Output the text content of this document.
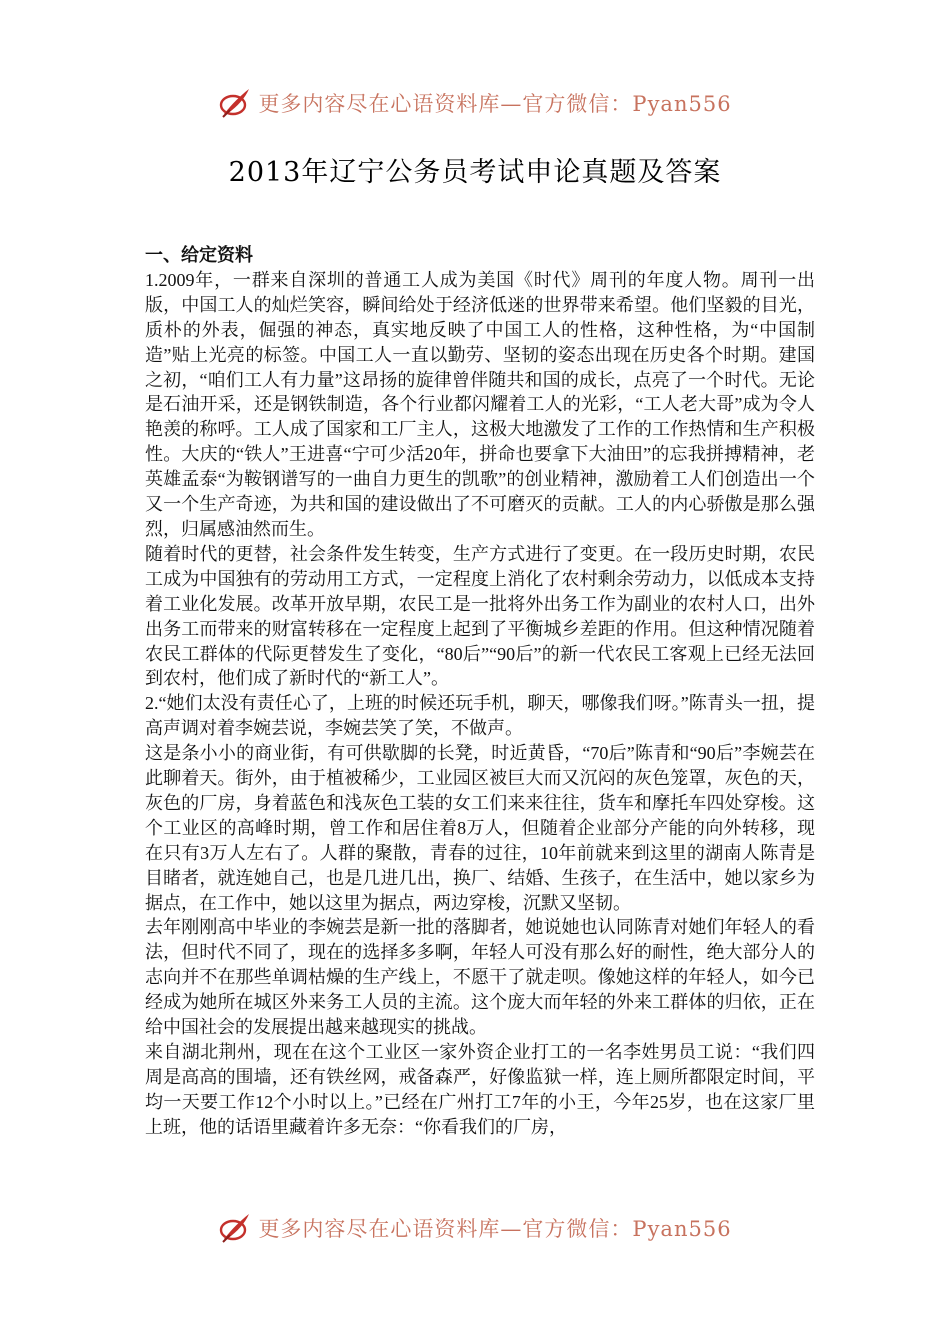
更多内容尽在心语资料库—官方微信：Pyan556
2013年辽宁公务员考试申论真题及答案
一、给定资料

1.2009年，一群来自深圳的普通工人成为美国《时代》周刊的年度人物。周刊一出版，中国工人的灿烂笑容，瞬间给处于经济低迷的世界带来希望。他们坚毅的目光，质朴的外表，倔强的神态，真实地反映了中国工人的性格，这种性格，为“中国制造”贴上光亮的标签。中国工人一直以勤劳、坚韧的姿态出现在历史各个时期。建国之初，“咱们工人有力量”这昂扬的旋律曾伴随共和国的成长，点亮了一个时代。无论是石油开采，还是钢铁制造，各个行业都闪耀着工人的光彩，“工人老大哥”成为令人艳羡的称呼。工人成了国家和工厂主人，这极大地激发了工作的工作热情和生产积极性。大庆的“铁人”王进喜“宁可少活20年，拼命也要拿下大油田”的忘我拼搏精神，老英雄孟泰“为鞍钢谱写的一曲自力更生的凯歌”的创业精神，激励着工人们创造出一个又一个生产奇迹，为共和国的建设做出了不可磨灭的贡献。工人的内心骄傲是那么强烈，归属感油然而生。

随着时代的更替，社会条件发生转变，生产方式进行了变更。在一段历史时期，农民工成为中国独有的劳动用工方式，一定程度上消化了农村剩余劳动力，以低成本支持着工业化发展。改革开放早期，农民工是一批将外出务工作为副业的农村人口，出外出务工而带来的财富转移在一定程度上起到了平衡城乡差距的作用。但这种情况随着农民工群体的代际更替发生了变化，“80后”“90后”的新一代农民工客观上已经无法回到农村，他们成了新时代的“新工人”。

2.“她们太没有责任心了，上班的时候还玩手机，聊天，哪像我们呀。”陈青头一扭，提高声调对着李婉芸说，李婉芸笑了笑，不做声。

这是条小小的商业街，有可供歇脚的长凳，时近黄昏，“70后”陈青和“90后”李婉芸在此聊着天。街外，由于植被稀少，工业园区被巨大而又沉闷的灰色笼罩，灰色的天，灰色的厂房，身着蓝色和浅灰色工装的女工们来来往往，货车和摩托车四处穿梭。这个工业区的高峰时期，曾工作和居住着8万人，但随着企业部分产能的向外转移，现在只有3万人左右了。人群的聚散，青春的过往，10年前就来到这里的湖南人陈青是目睹者，就连她自己，也是几进几出，换厂、结婚、生孩子，在生活中，她以家乡为据点，在工作中，她以这里为据点，两边穿梭，沉默又坚韧。

去年刚刚高中毕业的李婉芸是新一批的落脚者，她说她也认同陈青对她们年轻人的看法，但时代不同了，现在的选择多多啊，年轻人可没有那么好的耐性，绝大部分人的志向并不在那些单调枯燥的生产线上，不愿干了就走呗。像她这样的年轻人，如今已经成为她所在城区外来务工人员的主流。这个庞大而年轻的外来工群体的归依，正在给中国社会的发展提出越来越现实的挑战。

来自湖北荆州，现在在这个工业区一家外资企业打工的一名李姓男员工说：“我们四周是高高的围墙，还有铁丝网，戒备森严，好像监狱一样，连上厕所都限定时间，平均一天要工作12个小时以上。”已经在广州打工7年的小王，今年25岁，也在这家厂里上班，他的话语里藏着许多无奈：“你看我们的厂房，

更多内容尽在心语资料库—官方微信：Pyan556
